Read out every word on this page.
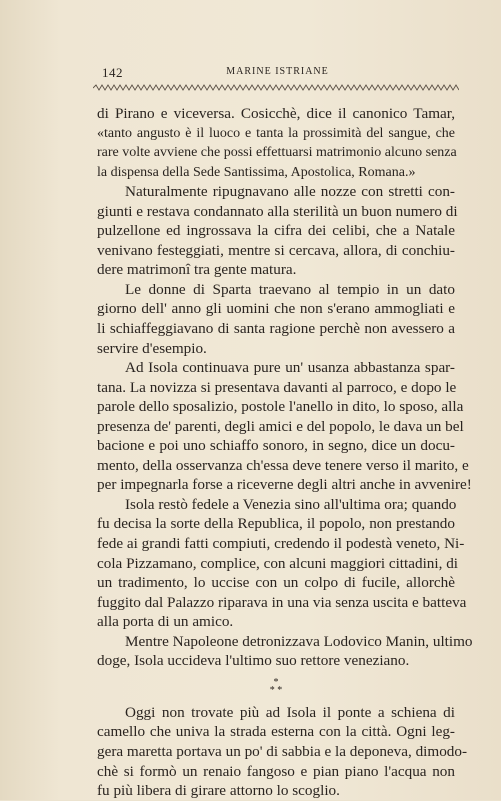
142	MARINE ISTRIANE
di Pirano e viceversa. Cosicchè, dice il canonico Tamar,
«tanto angusto è il luoco e tanta la prossimità del sangue, che
rare volte avviene che possi effettuarsi matrimonio alcuno senza
la dispensa della Sede Santissima, Apostolica, Romana.»
Naturalmente ripugnavano alle nozze con stretti con-
giunti e restava condannato alla sterilità un buon numero di
pulzellone ed ingrossava la cifra dei celibi, che a Natale
venivano festeggiati, mentre si cercava, allora, di conchiu-
dere matrimonî tra gente matura.
Le donne di Sparta traevano al tempio in un dato
giorno dell' anno gli uomini che non s'erano ammogliati e
li schiaffeggiavano di santa ragione perchè non avessero a
servire d'esempio.
Ad Isola continuava pure un' usanza abbastanza spar-
tana. La novizza si presentava davanti al parroco, e dopo le
parole dello sposalizio, postole l'anello in dito, lo sposo, alla
presenza de' parenti, degli amici e del popolo, le dava un bel
bacione e poi uno schiaffo sonoro, in segno, dice un docu-
mento, della osservanza ch'essa deve tenere verso il marito, e
per impegnarla forse a riceverne degli altri anche in avvenire!
Isola restò fedele a Venezia sino all'ultima ora; quando
fu decisa la sorte della Republica, il popolo, non prestando
fede ai grandi fatti compiuti, credendo il podestà veneto, Ni-
cola Pizzamano, complice, con alcuni maggiori cittadini, di
un tradimento, lo uccise con un colpo di fucile, allorchè
fuggito dal Palazzo riparava in una via senza uscita e batteva
alla porta di un amico.
Mentre Napoleone detronizzava Lodovico Manin, ultimo
doge, Isola uccideva l'ultimo suo rettore veneziano.
*
* *
Oggi non trovate più ad Isola il ponte a schiena di
camello che univa la strada esterna con la città. Ogni leg-
gera maretta portava un po' di sabbia e la deponeva, dimodo-
chè si formò un renaio fangoso e pian piano l'acqua non
fu più libera di girare attorno lo scoglio.
